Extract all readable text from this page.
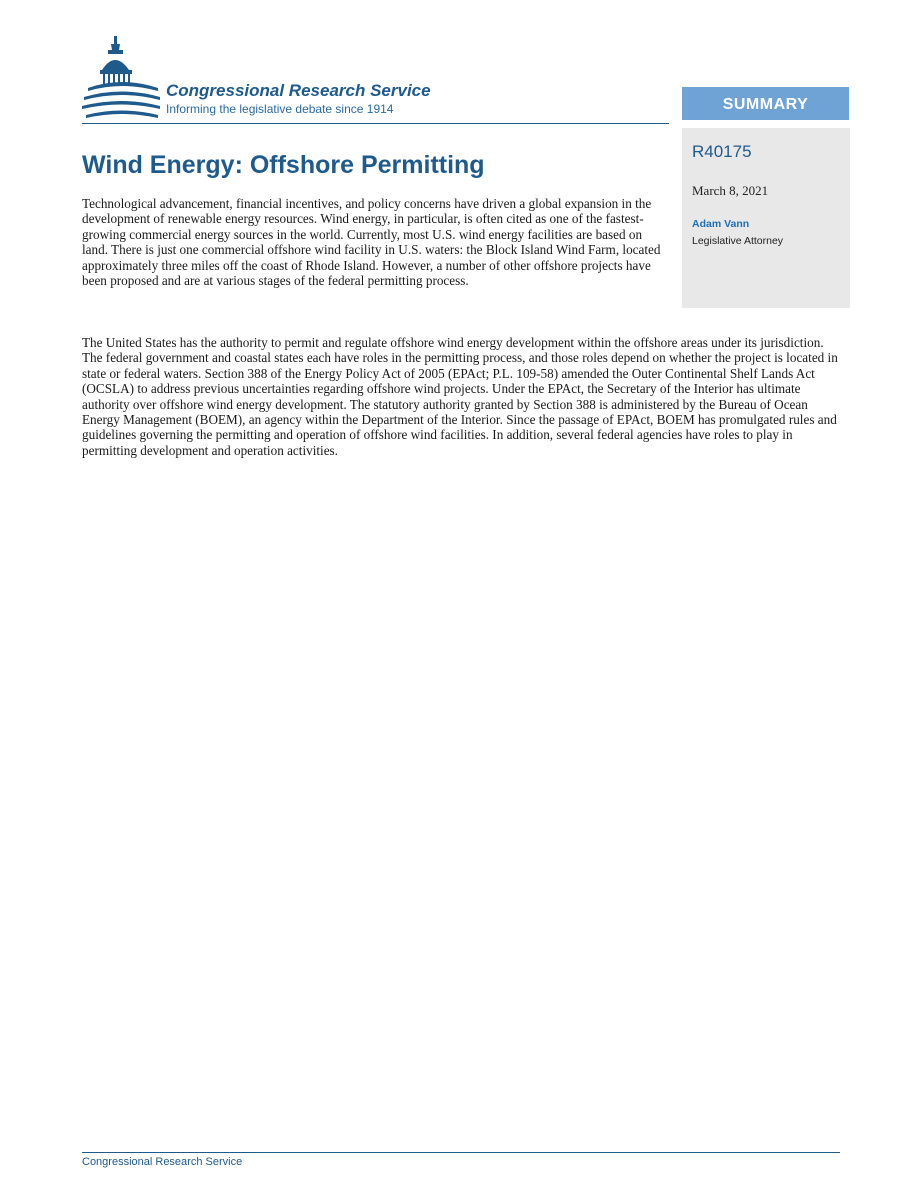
Congressional Research Service
Informing the legislative debate since 1914	SUMMARY
R40175
March 8, 2021
Adam Vann
Legislative Attorney
Wind Energy: Offshore Permitting

Technological advancement, financial incentives, and policy concerns have driven a global expansion in the development of renewable energy resources. Wind energy, in particular, is often cited as one of the fastest-growing commercial energy sources in the world. Currently, most U.S. wind energy facilities are based on land. There is just one commercial offshore wind facility in U.S. waters: the Block Island Wind Farm, located approximately three miles off the coast of Rhode Island. However, a number of other offshore projects have been proposed and are at various stages of the federal permitting process.

The United States has the authority to permit and regulate offshore wind energy development within the offshore areas under its jurisdiction. The federal government and coastal states each have roles in the permitting process, and those roles depend on whether the project is located in state or federal waters. Section 388 of the Energy Policy Act of 2005 (EPAct; P.L. 109-58) amended the Outer Continental Shelf Lands Act (OCSLA) to address previous uncertainties regarding offshore wind projects. Under the EPAct, the Secretary of the Interior has ultimate authority over offshore wind energy development. The statutory authority granted by Section 388 is administered by the Bureau of Ocean Energy Management (BOEM), an agency within the Department of the Interior. Since the passage of EPAct, BOEM has promulgated rules and guidelines governing the permitting and operation of offshore wind facilities. In addition, several federal agencies have roles to play in permitting development and operation activities.

Congressional Research Service
